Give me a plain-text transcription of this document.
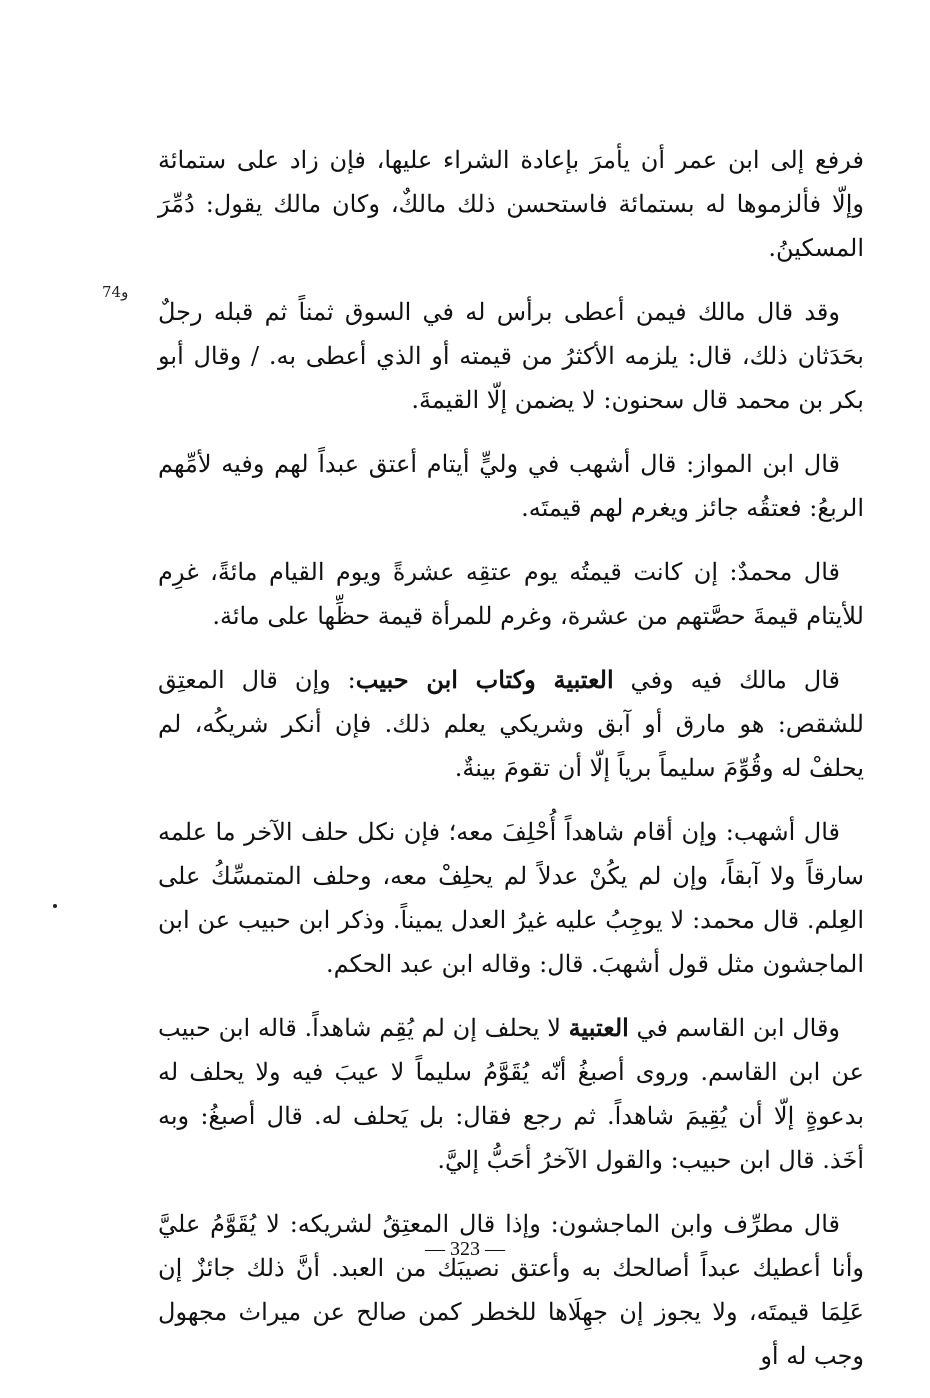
و74

فرفع إلى ابن عمر أن يأمرَ بإعادة الشراء عليها، فإن زاد على ستمائة وإلّا فألزموها له بستمائة فاستحسن ذلك مالكٌ، وكان مالك يقول: دُمِّرَ المسكينُ.

وقد قال مالك فيمن أعطى برأس له في السوق ثمناً ثم قبله رجلٌ بحَدَثان ذلك، قال: يلزمه الأكثرُ من قيمته أو الذي أعطى به. / وقال أبو بكر بن محمد قال سحنون: لا يضمن إلّا القيمةَ.

قال ابن المواز: قال أشهب في وليٍّ أيتام أعتق عبداً لهم وفيه لأمِّهم الربعُ: فعتقُه جائز ويغرم لهم قيمتَه.

قال محمدٌ: إن كانت قيمتُه يوم عتقِه عشرةً ويوم القيام مائةً، غرِم للأيتام قيمةَ حصَّتهم من عشرة، وغرم للمرأة قيمة حظِّها على مائة.

قال مالك فيه وفي العتبية وكتاب ابن حبيب: وإن قال المعتِق للشقص: هو مارق أو آبق وشريكي يعلم ذلك. فإن أنكر شريكُه، لم يحلفْ له وقُوِّمَ سليماً برياً إلّا أن تقومَ بينةٌ.

قال أشهب: وإن أقام شاهداً أُحْلِفَ معه؛ فإن نكل حلف الآخر ما علمه سارقاً ولا آبقاً، وإن لم يكُنْ عدلاً لم يحلِفْ معه، وحلف المتمسِّكُ على العِلم. قال محمد: لا يوجِبُ عليه غيرُ العدل يميناً. وذكر ابن حبيب عن ابن الماجشون مثل قول أشهبَ. قال: وقاله ابن عبد الحكم.

وقال ابن القاسم في العتبية لا يحلف إن لم يُقِم شاهداً. قاله ابن حبيب عن ابن القاسم. وروى أصبغُ أنّه يُقَوَّمُ سليماً لا عيبَ فيه ولا يحلف له بدعوةٍ إلّا أن يُقِيمَ شاهداً. ثم رجع فقال: بل يَحلف له. قال أصبغُ: وبه أخَذ. قال ابن حبيب: والقول الآخرُ أحَبُّ إليَّ.

قال مطرِّف وابن الماجشون: وإذا قال المعتِقُ لشريكه: لا يُقَوَّمُ عليَّ وأنا أعطيك عبداً أصالحك به وأعتق نصيبَك من العبد. أنَّ ذلك جائزٌ إن عَلِمَا قيمتَه، ولا يجوز إن جهِلَاها للخطر كمن صالح عن ميراث مجهول وجب له أو

— 323 —
